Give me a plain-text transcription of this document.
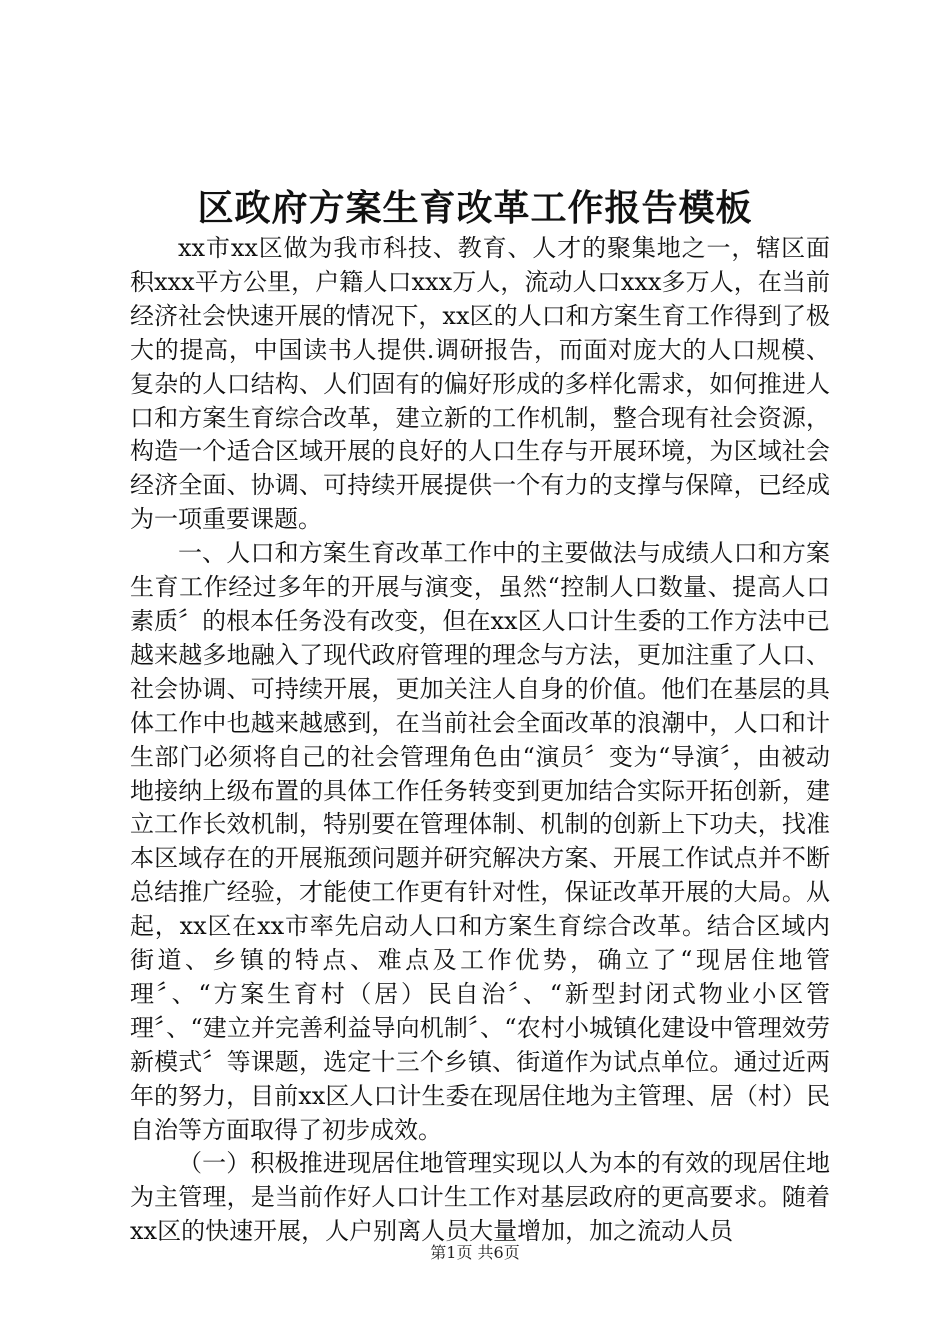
区政府方案生育改革工作报告模板

xx市xx区做为我市科技、教育、人才的聚集地之一，辖区面积xxx平方公里，户籍人口xxx万人，流动人口xxx多万人，在当前经济社会快速开展的情况下，xx区的人口和方案生育工作得到了极大的提高，中国读书人提供.调研报告，而面对庞大的人口规模、复杂的人口结构、人们固有的偏好形成的多样化需求，如何推进人口和方案生育综合改革，建立新的工作机制，整合现有社会资源，构造一个适合区域开展的良好的人口生存与开展环境，为区域社会经济全面、协调、可持续开展提供一个有力的支撑与保障，已经成为一项重要课题。

一、人口和方案生育改革工作中的主要做法与成绩人口和方案生育工作经过多年的开展与演变，虽然“控制人口数量、提高人口素质〞的根本任务没有改变，但在xx区人口计生委的工作方法中已越来越多地融入了现代政府管理的理念与方法，更加注重了人口、社会协调、可持续开展，更加关注人自身的价值。他们在基层的具体工作中也越来越感到，在当前社会全面改革的浪潮中，人口和计生部门必须将自己的社会管理角色由“演员〞变为“导演〞，由被动地接纳上级布置的具体工作任务转变到更加结合实际开拓创新，建立工作长效机制，特别要在管理体制、机制的创新上下功夫，找准本区域存在的开展瓶颈问题并研究解决方案、开展工作试点并不断总结推广经验，才能使工作更有针对性，保证改革开展的大局。从起，xx区在xx市率先启动人口和方案生育综合改革。结合区域内街道、乡镇的特点、难点及工作优势，确立了“现居住地管理〞、“方案生育村（居）民自治〞、“新型封闭式物业小区管理〞、“建立并完善利益导向机制〞、“农村小城镇化建设中管理效劳新模式〞等课题，选定十三个乡镇、街道作为试点单位。通过近两年的努力，目前xx区人口计生委在现居住地为主管理、居（村）民自治等方面取得了初步成效。

（一）积极推进现居住地管理实现以人为本的有效的现居住地为主管理，是当前作好人口计生工作对基层政府的更高要求。随着xx区的快速开展，人户别离人员大量增加，加之流动人员

第1页 共6页
